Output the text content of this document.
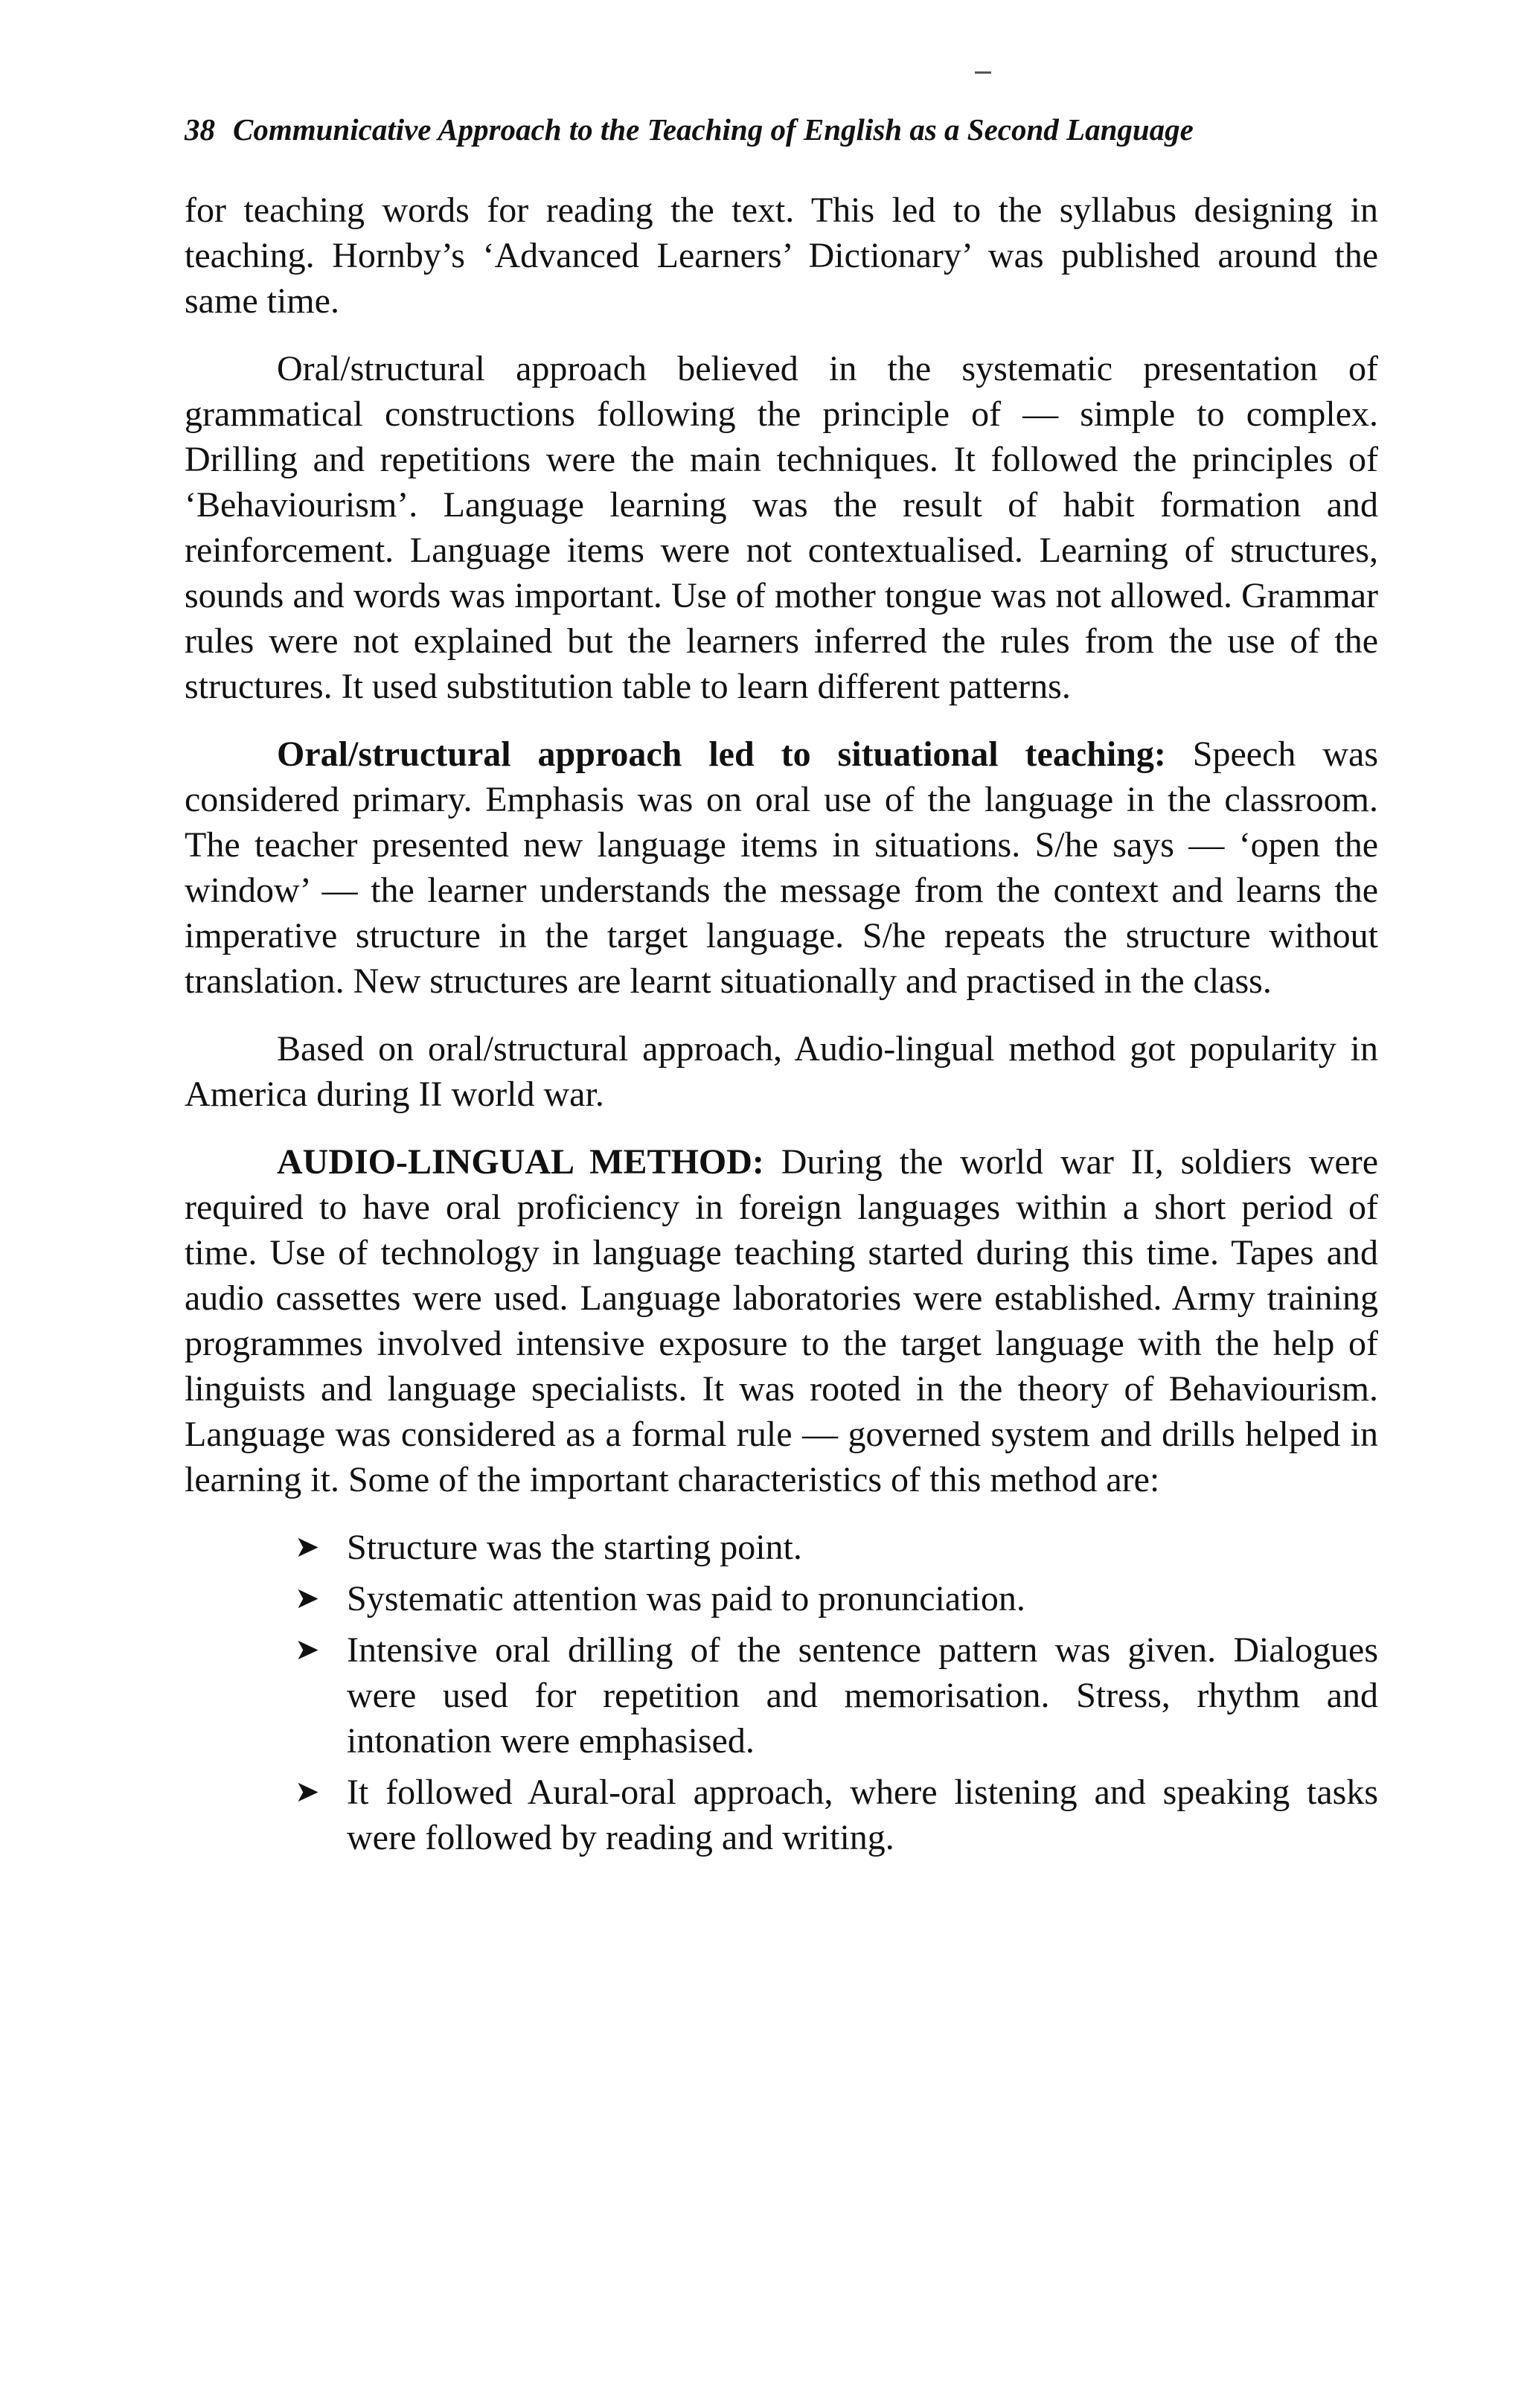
38 Communicative Approach to the Teaching of English as a Second Language

for teaching words for reading the text. This led to the syllabus designing in teaching. Hornby’s ‘Advanced Learners’ Dictionary’ was published around the same time.

Oral/structural approach believed in the systematic presentation of grammatical constructions following the principle of — simple to complex. Drilling and repetitions were the main techniques. It followed the principles of ‘Behaviourism’. Language learning was the result of habit formation and reinforcement. Language items were not contextualised. Learning of structures, sounds and words was important. Use of mother tongue was not allowed. Grammar rules were not explained but the learners inferred the rules from the use of the structures. It used substitution table to learn different patterns.

Oral/structural approach led to situational teaching: Speech was considered primary. Emphasis was on oral use of the language in the classroom. The teacher presented new language items in situations. S/he says — ‘open the window’ — the learner understands the message from the context and learns the imperative structure in the target language. S/he repeats the structure without translation. New structures are learnt situationally and practised in the class.

Based on oral/structural approach, Audio-lingual method got popularity in America during II world war.

AUDIO-LINGUAL METHOD: During the world war II, soldiers were required to have oral proficiency in foreign languages within a short period of time. Use of technology in language teaching started during this time. Tapes and audio cassettes were used. Language laboratories were established. Army training programmes involved intensive exposure to the target language with the help of linguists and language specialists. It was rooted in the theory of Behaviourism. Language was considered as a formal rule — governed system and drills helped in learning it. Some of the important characteristics of this method are:

➤ Structure was the starting point.
➤ Systematic attention was paid to pronunciation.
➤ Intensive oral drilling of the sentence pattern was given. Dialogues were used for repetition and memorisation. Stress, rhythm and intonation were emphasised.
➤ It followed Aural-oral approach, where listening and speaking tasks were followed by reading and writing.
